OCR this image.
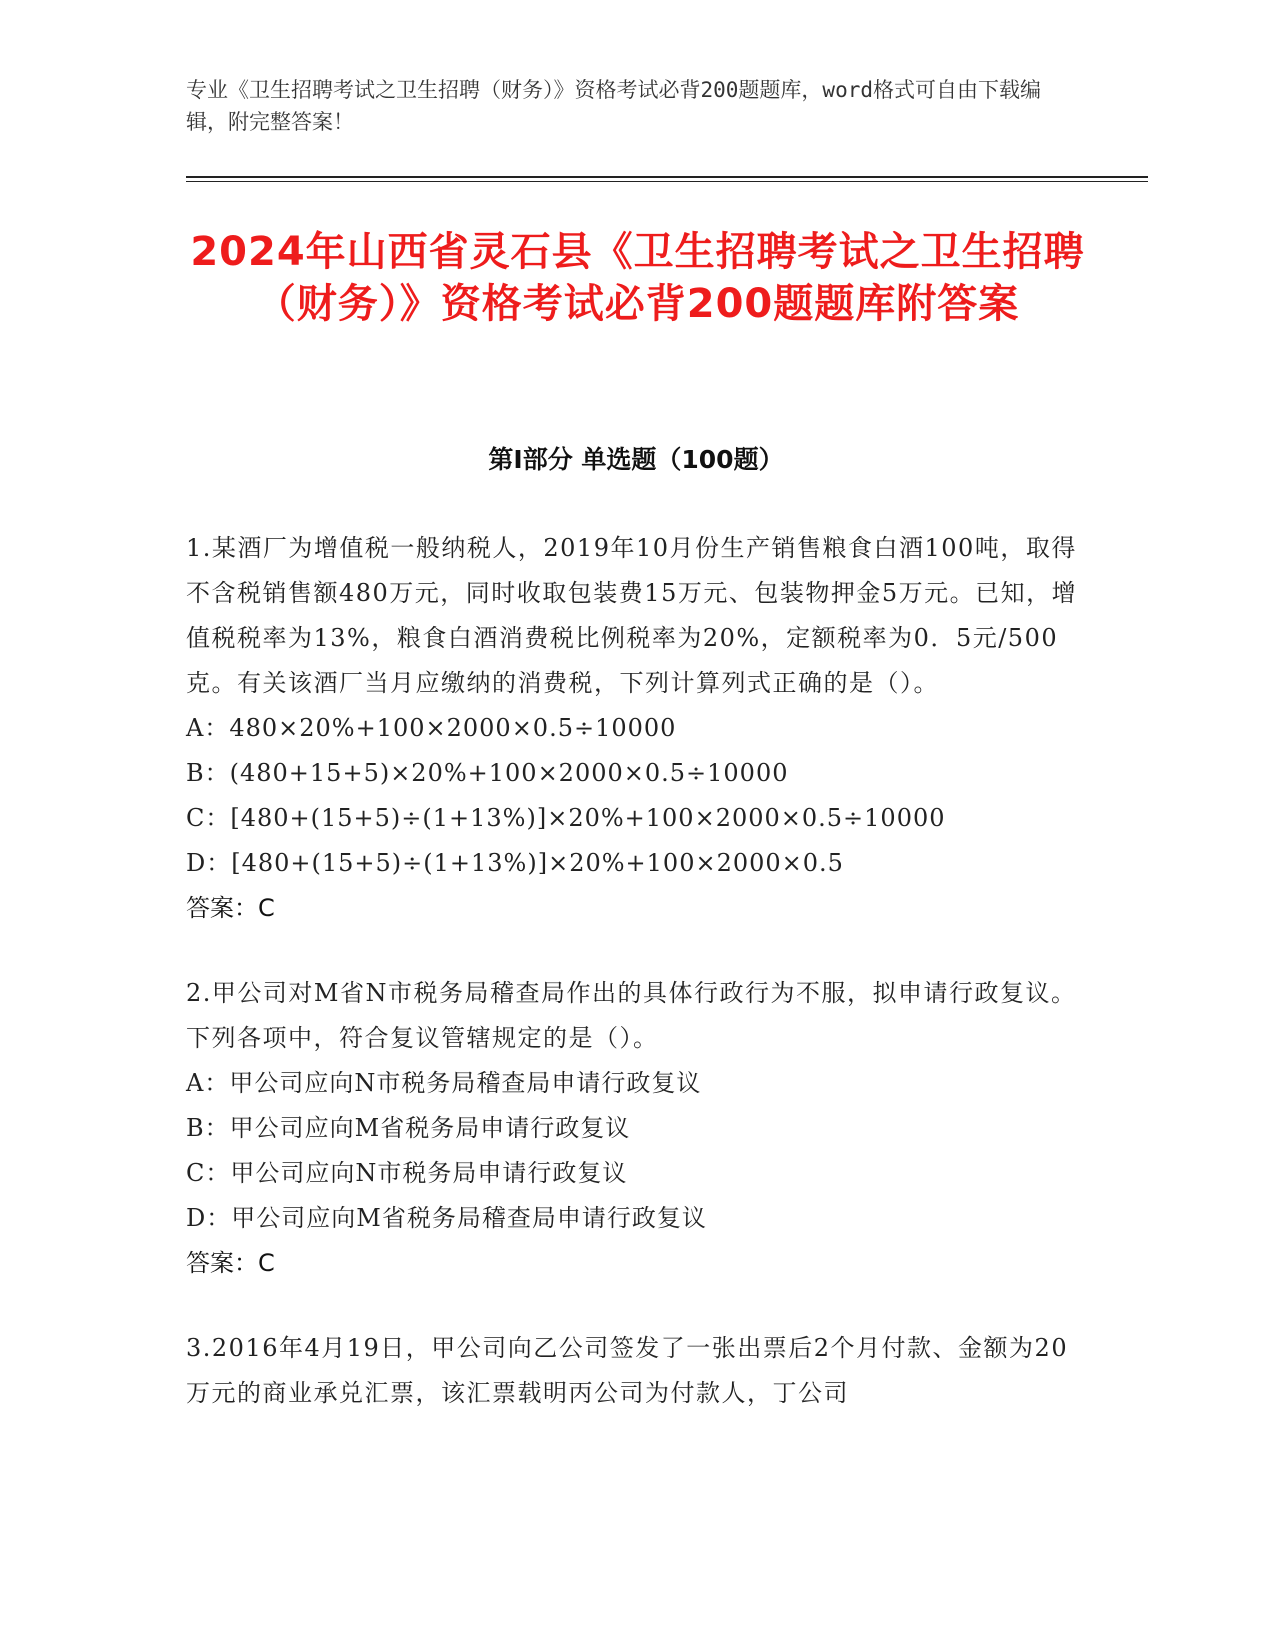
专业《卫生招聘考试之卫生招聘（财务）》资格考试必背200题题库，word格式可自由下载编辑，附完整答案！
2024年山西省灵石县《卫生招聘考试之卫生招聘（财务）》资格考试必背200题题库附答案
第Ⅰ部分 单选题（100题）
1.某酒厂为增值税一般纳税人，2019年10月份生产销售粮食白酒100吨，取得不含税销售额480万元，同时收取包装费15万元、包装物押金5万元。已知，增值税税率为13%，粮食白酒消费税比例税率为20%，定额税率为0．5元/500克。有关该酒厂当月应缴纳的消费税，下列计算列式正确的是（）。
A：480×20%+100×2000×0.5÷10000
B：(480+15+5)×20%+100×2000×0.5÷10000
C：[480+(15+5)÷(1+13%)]×20%+100×2000×0.5÷10000
D：[480+(15+5)÷(1+13%)]×20%+100×2000×0.5
答案：C
2.甲公司对M省N市税务局稽查局作出的具体行政行为不服，拟申请行政复议。下列各项中，符合复议管辖规定的是（）。
A：甲公司应向N市税务局稽查局申请行政复议
B：甲公司应向M省税务局申请行政复议
C：甲公司应向N市税务局申请行政复议
D：甲公司应向M省税务局稽查局申请行政复议
答案：C
3.2016年4月19日，甲公司向乙公司签发了一张出票后2个月付款、金额为20万元的商业承兑汇票，该汇票载明丙公司为付款人，丁公司
